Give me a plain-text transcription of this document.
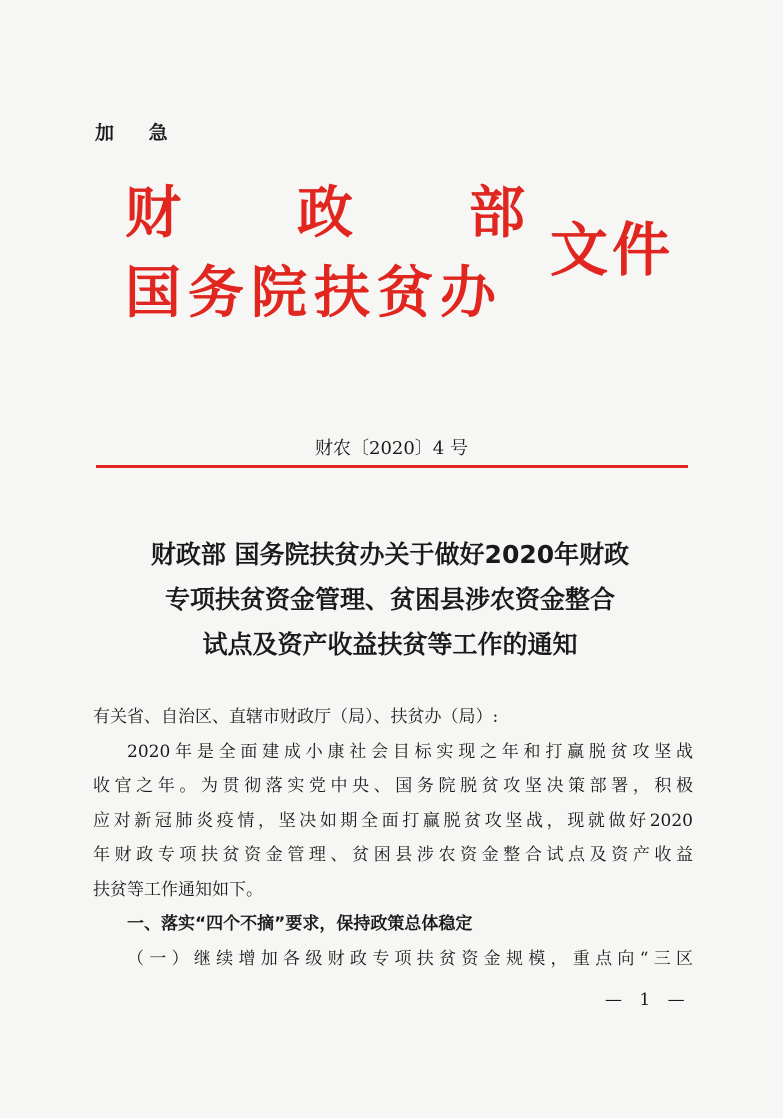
加 急
财 政 部
国务院扶贫办
文件
财农〔2020〕4 号
财政部 国务院扶贫办关于做好2020年财政
专项扶贫资金管理、贫困县涉农资金整合
试点及资产收益扶贫等工作的通知
有关省、自治区、直辖市财政厅（局）、扶贫办（局）:
2020年是全面建成小康社会目标实现之年和打赢脱贫攻坚战
收官之年。为贯彻落实党中央、国务院脱贫攻坚决策部署，积极
应对新冠肺炎疫情，坚决如期全面打赢脱贫攻坚战，现就做好2020
年财政专项扶贫资金管理、贫困县涉农资金整合试点及资产收益
扶贫等工作通知如下。
一、落实“四个不摘”要求，保持政策总体稳定
（一）继续增加各级财政专项扶贫资金规模，重点向“三区
— 1 —
